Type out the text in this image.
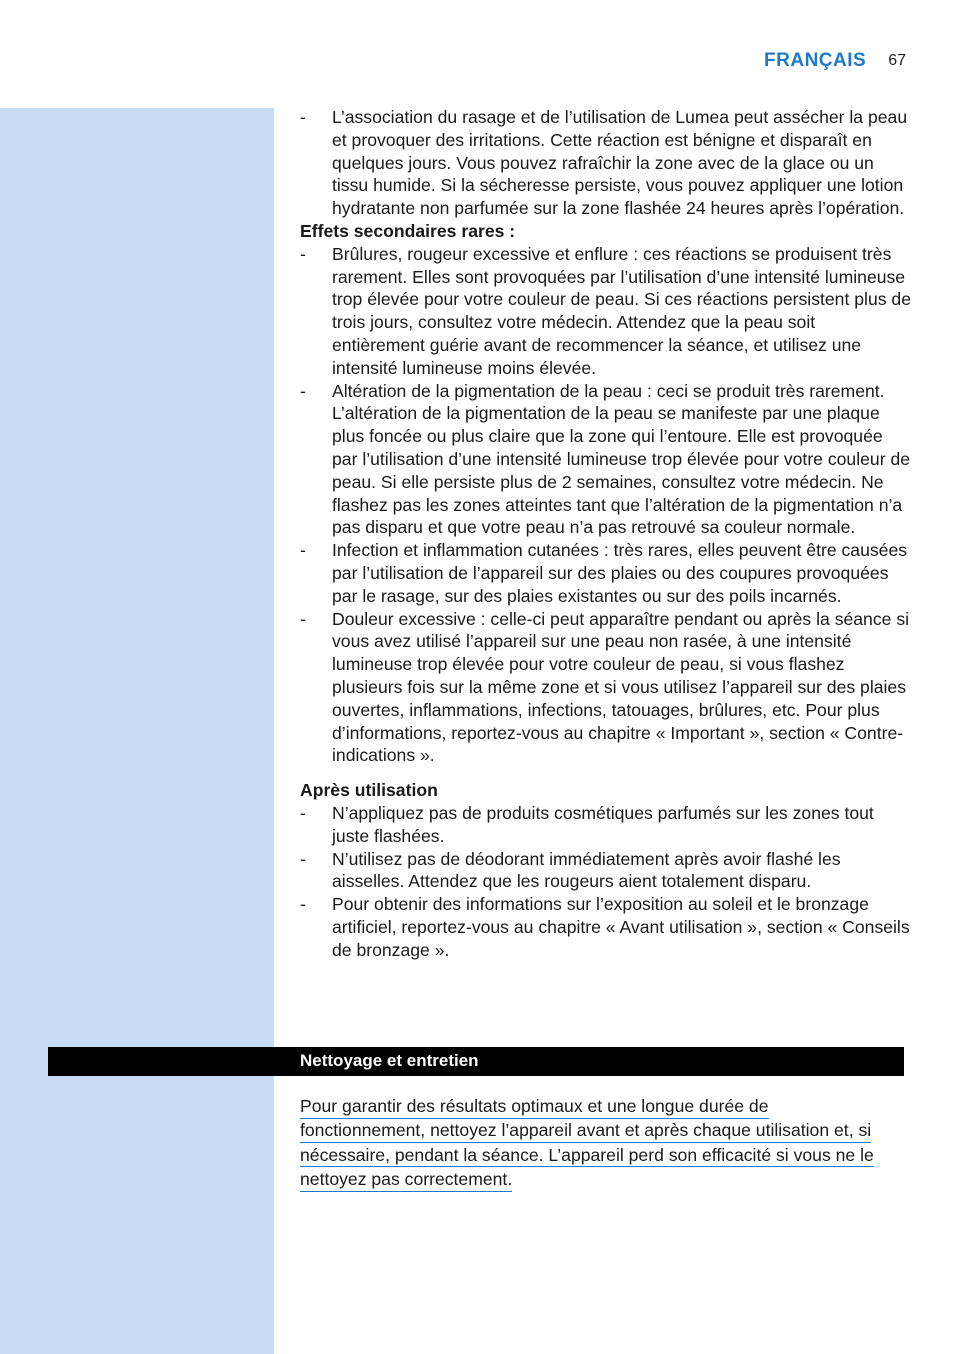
FRANÇAIS 67
- L’association du rasage et de l’utilisation de Lumea peut assécher la peau et provoquer des irritations. Cette réaction est bénigne et disparaît en quelques jours. Vous pouvez rafraîchir la zone avec de la glace ou un tissu humide. Si la sécheresse persiste, vous pouvez appliquer une lotion hydratante non parfumée sur la zone flashée 24 heures après l’opération.

Effets secondaires rares :

- Brûlures, rougeur excessive et enflure : ces réactions se produisent très rarement. Elles sont provoquées par l’utilisation d’une intensité lumineuse trop élevée pour votre couleur de peau. Si ces réactions persistent plus de trois jours, consultez votre médecin. Attendez que la peau soit entièrement guérie avant de recommencer la séance, et utilisez une intensité lumineuse moins élevée.
- Altération de la pigmentation de la peau : ceci se produit très rarement. L’altération de la pigmentation de la peau se manifeste par une plaque plus foncée ou plus claire que la zone qui l’entoure. Elle est provoquée par l’utilisation d’une intensité lumineuse trop élevée pour votre couleur de peau. Si elle persiste plus de 2 semaines, consultez votre médecin. Ne flashez pas les zones atteintes tant que l’altération de la pigmentation n’a pas disparu et que votre peau n’a pas retrouvé sa couleur normale.
- Infection et inflammation cutanées : très rares, elles peuvent être causées par l’utilisation de l’appareil sur des plaies ou des coupures provoquées par le rasage, sur des plaies existantes ou sur des poils incarnés.
- Douleur excessive : celle-ci peut apparaître pendant ou après la séance si vous avez utilisé l’appareil sur une peau non rasée, à une intensité lumineuse trop élevée pour votre couleur de peau, si vous flashez plusieurs fois sur la même zone et si vous utilisez l’appareil sur des plaies ouvertes, inflammations, infections, tatouages, brûlures, etc. Pour plus d’informations, reportez-vous au chapitre « Important », section « Contre-indications ».

Après utilisation

- N’appliquez pas de produits cosmétiques parfumés sur les zones tout juste flashées.
- N’utilisez pas de déodorant immédiatement après avoir flashé les aisselles. Attendez que les rougeurs aient totalement disparu.
- Pour obtenir des informations sur l’exposition au soleil et le bronzage artificiel, reportez-vous au chapitre « Avant utilisation », section « Conseils de bronzage ».
Nettoyage et entretien
Pour garantir des résultats optimaux et une longue durée de
fonctionnement, nettoyez l’appareil avant et après chaque utilisation et, si
nécessaire, pendant la séance. L’appareil perd son efficacité si vous ne le
nettoyez pas correctement.
